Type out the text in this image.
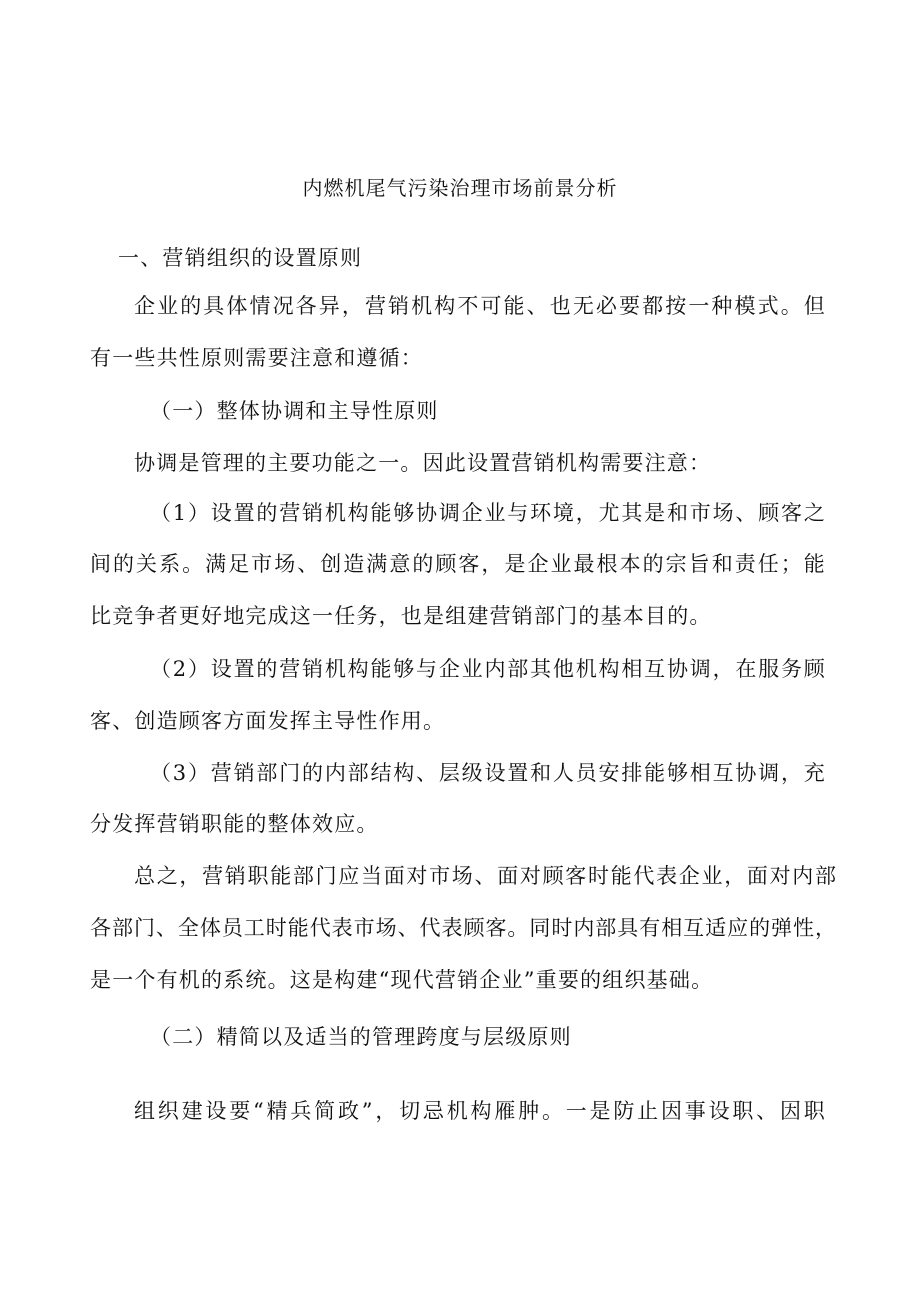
内燃机尾气污染治理市场前景分析
一、营销组织的设置原则
企业的具体情况各异，营销机构不可能、也无必要都按一种模式。但
有一些共性原则需要注意和遵循：
（一）整体协调和主导性原则
协调是管理的主要功能之一。因此设置营销机构需要注意：
（1）设置的营销机构能够协调企业与环境，尤其是和市场、顾客之
间的关系。满足市场、创造满意的顾客，是企业最根本的宗旨和责任；能
比竞争者更好地完成这一任务，也是组建营销部门的基本目的。
（2）设置的营销机构能够与企业内部其他机构相互协调，在服务顾
客、创造顾客方面发挥主导性作用。
（3）营销部门的内部结构、层级设置和人员安排能够相互协调，充
分发挥营销职能的整体效应。
总之，营销职能部门应当面对市场、面对顾客时能代表企业，面对内部
各部门、全体员工时能代表市场、代表顾客。同时内部具有相互适应的弹性，
是一个有机的系统。这是构建“现代营销企业”重要的组织基础。
（二）精简以及适当的管理跨度与层级原则
组织建设要“精兵简政”，切忌机构雁肿。一是防止因事设职、因职
